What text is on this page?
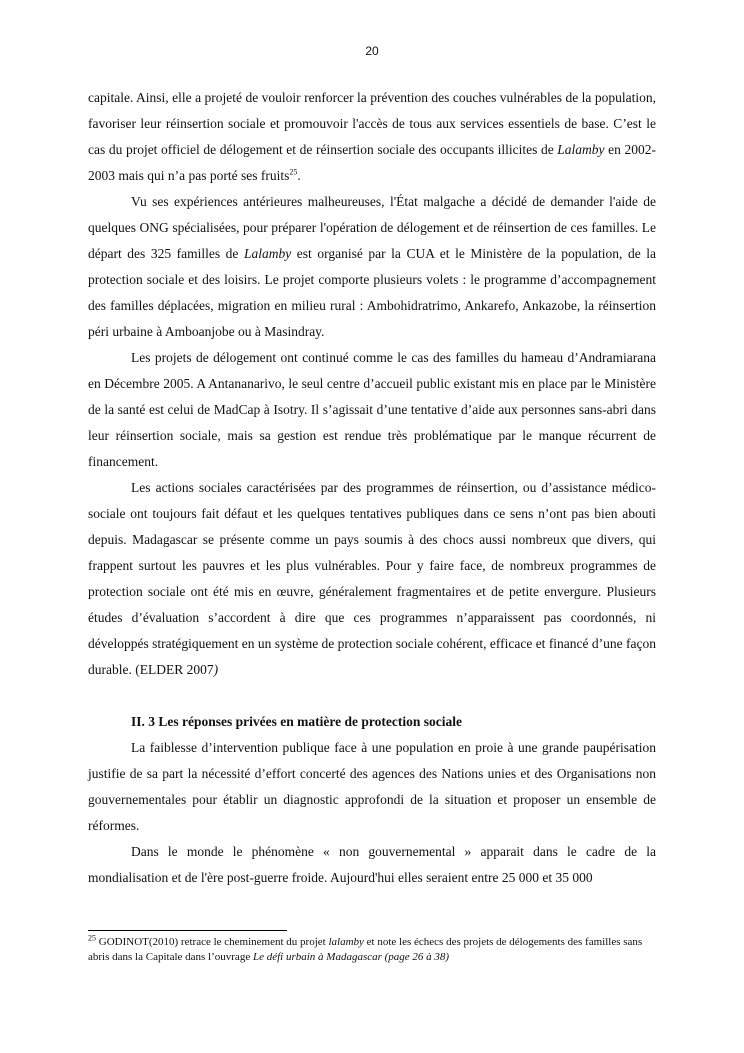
20

capitale. Ainsi, elle a projeté de vouloir renforcer la prévention des couches vulnérables de la population, favoriser leur réinsertion sociale et promouvoir l'accès de tous aux services essentiels de base. C’est le cas du projet officiel de délogement et de réinsertion sociale des occupants illicites de Lalamby en 2002-2003 mais qui n’a pas porté ses fruits$^{25}$.

Vu ses expériences antérieures malheureuses, l'État malgache a décidé de demander l'aide de quelques ONG spécialisées, pour préparer l'opération de délogement et de réinsertion de ces familles. Le départ des 325 familles de Lalamby est organisé par la CUA et le Ministère de la population, de la protection sociale et des loisirs. Le projet comporte plusieurs volets : le programme d’accompagnement des familles déplacées, migration en milieu rural : Ambohidratrimo, Ankarefo, Ankazobe, la réinsertion péri urbaine à Amboanjobe ou à Masindray.

Les projets de délogement ont continué comme le cas des familles du hameau d’Andramiarana en Décembre 2005. A Antananarivo, le seul centre d’accueil public existant mis en place par le Ministère de la santé est celui de MadCap à Isotry. Il s’agissait d’une tentative d’aide aux personnes sans-abri dans leur réinsertion sociale, mais sa gestion est rendue très problématique par le manque récurrent de financement.

Les actions sociales caractérisées par des programmes de réinsertion, ou d’assistance médico-sociale ont toujours fait défaut et les quelques tentatives publiques dans ce sens n’ont pas bien abouti depuis. Madagascar se présente comme un pays soumis à des chocs aussi nombreux que divers, qui frappent surtout les pauvres et les plus vulnérables. Pour y faire face, de nombreux programmes de protection sociale ont été mis en œuvre, généralement fragmentaires et de petite envergure. Plusieurs études d’évaluation s’accordent à dire que ces programmes n’apparaissent pas coordonnés, ni développés stratégiquement en un système de protection sociale cohérent, efficace et financé d’une façon durable. (ELDER 2007)

II. 3 Les réponses privées en matière de protection sociale

La faiblesse d’intervention publique face à une population en proie à une grande paupérisation justifie de sa part la nécessité d’effort concerté des agences des Nations unies et des Organisations non gouvernementales pour établir un diagnostic approfondi de la situation et proposer un ensemble de réformes.

Dans le monde le phénomène « non gouvernemental » apparait dans le cadre de la mondialisation et de l'ère post-guerre froide. Aujourd'hui elles seraient entre 25 000 et 35 000

$^{25}$ GODINOT(2010) retrace le cheminement du projet lalamby et note les échecs des projets de délogements des familles sans abris dans la Capitale dans l’ouvrage Le défi urbain à Madagascar (page 26 à 38)
